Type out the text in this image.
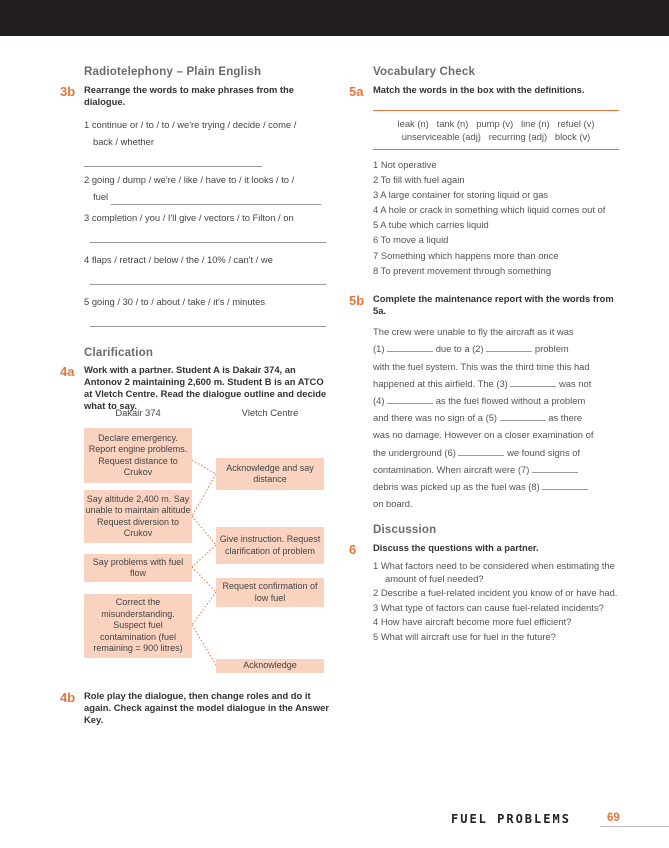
Radiotelephony – Plain English
3b Rearrange the words to make phrases from the dialogue.
1 continue or / to / to / we're trying / decide / come /
back / whether
2 going / dump / we're / like / have to / it looks / to /
fuel
3 completion / you / I'll give / vectors / to Filton / on
4 flaps / retract / below / the / 10% / can't / we
5 going / 30 / to / about / take / it's / minutes
Clarification
4a Work with a partner. Student A is Dakair 374, an Antonov 2 maintaining 2,600 m. Student B is an ATCO at Vletch Centre. Read the dialogue outline and decide what to say.
Dakair 374	Vletch Centre
Declare emergency. Report engine problems. Request distance to Crukov	Acknowledge and say distance
Say altitude 2,400 m. Say unable to maintain altitude Request diversion to Crukov
Give instruction. Request clarification of problem
Say problems with fuel flow
Request confirmation of low fuel
Correct the misunderstanding. Suspect fuel contamination (fuel remaining = 900 litres)
Acknowledge
4b Role play the dialogue, then change roles and do it again. Check against the model dialogue in the Answer Key.
Vocabulary Check
5a Match the words in the box with the definitions.
leak (n)   tank (n)   pump (v)   line (n)   refuel (v)
unserviceable (adj)   recurring (adj)   block (v)
1 Not operative
2 To fill with fuel again
3 A large container for storing liquid or gas
4 A hole or crack in something which liquid comes out of
5 A tube which carries liquid
6 To move a liquid
7 Something which happens more than once
8 To prevent movement through something
5b Complete the maintenance report with the words from 5a.
The crew were unable to fly the aircraft as it was
(1)	due to a (2)	problem
with the fuel system. This was the third time this had
happened at this airfield. The (3)	was not
(4)	as the fuel flowed without a problem
and there was no sign of a (5)	as there
was no damage. However on a closer examination of
the underground (6)	we found signs of
contamination. When aircraft were (7)
debris was picked up as the fuel was (8)
on board.
Discussion
6 Discuss the questions with a partner.
1 What factors need to be considered when estimating the amount of fuel needed?
2 Describe a fuel-related incident you know of or have had.
3 What type of factors can cause fuel-related incidents?
4 How have aircraft become more fuel efficient?
5 What will aircraft use for fuel in the future?
FUEL PROBLEMS	69
